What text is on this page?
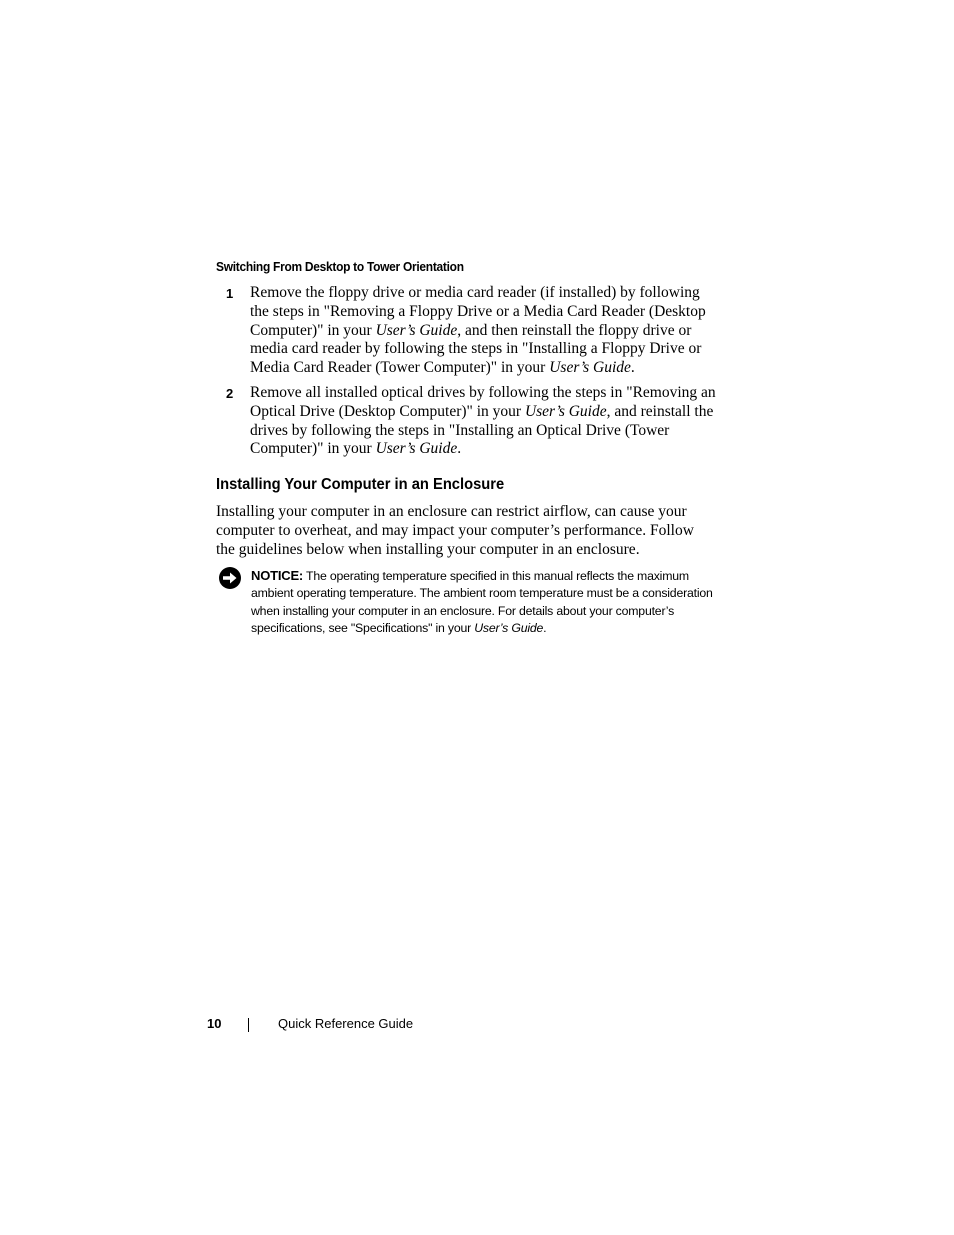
Switching From Desktop to Tower Orientation
1 Remove the floppy drive or media card reader (if installed) by following the steps in "Removing a Floppy Drive or a Media Card Reader (Desktop Computer)" in your User’s Guide, and then reinstall the floppy drive or media card reader by following the steps in "Installing a Floppy Drive or Media Card Reader (Tower Computer)" in your User’s Guide.
2 Remove all installed optical drives by following the steps in "Removing an Optical Drive (Desktop Computer)" in your User’s Guide, and reinstall the drives by following the steps in "Installing an Optical Drive (Tower Computer)" in your User’s Guide.
Installing Your Computer in an Enclosure
Installing your computer in an enclosure can restrict airflow, can cause your computer to overheat, and may impact your computer’s performance. Follow the guidelines below when installing your computer in an enclosure.
NOTICE: The operating temperature specified in this manual reflects the maximum ambient operating temperature. The ambient room temperature must be a consideration when installing your computer in an enclosure. For details about your computer’s specifications, see "Specifications" in your User’s Guide.
10	Quick Reference Guide
